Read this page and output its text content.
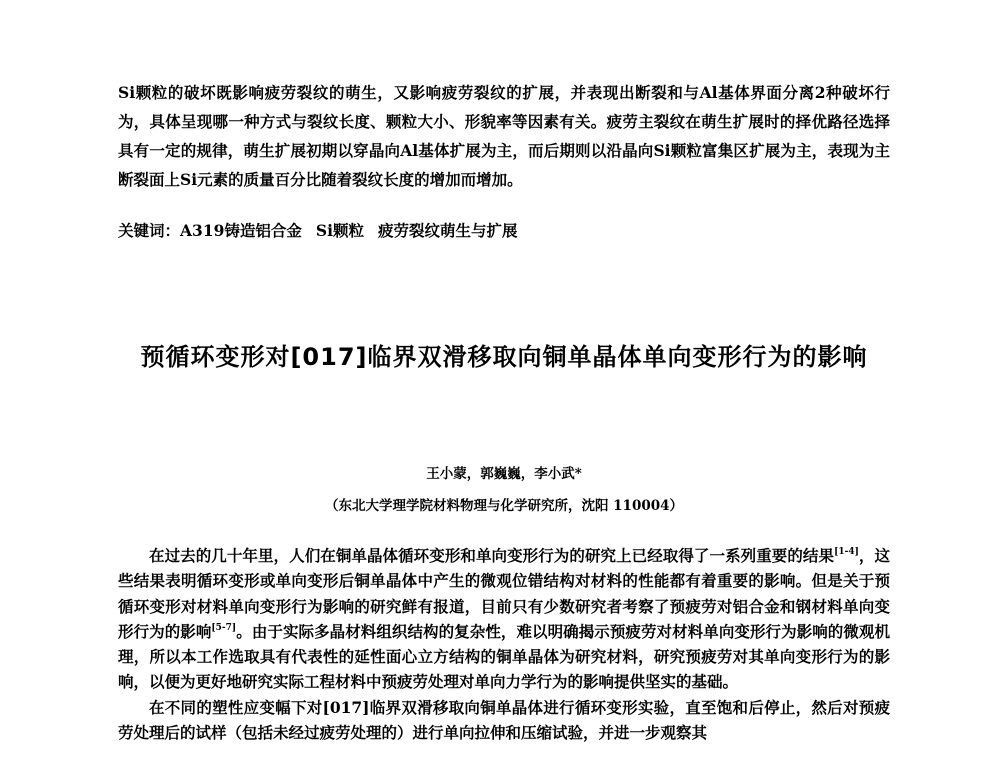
Si颗粒的破坏既影响疲劳裂纹的萌生，又影响疲劳裂纹的扩展，并表现出断裂和与Al基体界面分离2种破坏行为，具体呈现哪一种方式与裂纹长度、颗粒大小、形貌率等因素有关。疲劳主裂纹在萌生扩展时的择优路径选择具有一定的规律，萌生扩展初期以穿晶向Al基体扩展为主，而后期则以沿晶向Si颗粒富集区扩展为主，表现为主断裂面上Si元素的质量百分比随着裂纹长度的增加而增加。

关键词：A319铸造铝合金 Si颗粒 疲劳裂纹萌生与扩展

预循环变形对[017]临界双滑移取向铜单晶体单向变形行为的影响

王小蒙，郭巍巍，李小武*

（东北大学理学院材料物理与化学研究所，沈阳 110004）

在过去的几十年里，人们在铜单晶体循环变形和单向变形行为的研究上已经取得了一系列重要的结果[1-4]，这些结果表明循环变形或单向变形后铜单晶体中产生的微观位错结构对材料的性能都有着重要的影响。但是关于预循环变形对材料单向变形行为影响的研究鲜有报道，目前只有少数研究者考察了预疲劳对铝合金和钢材料单向变形行为的影响[5-7]。由于实际多晶材料组织结构的复杂性，难以明确揭示预疲劳对材料单向变形行为影响的微观机理，所以本工作选取具有代表性的延性面心立方结构的铜单晶体为研究材料，研究预疲劳对其单向变形行为的影响，以便为更好地研究实际工程材料中预疲劳处理对单向力学行为的影响提供坚实的基础。

在不同的塑性应变幅下对[017]临界双滑移取向铜单晶体进行循环变形实验，直至饱和后停止，然后对预疲劳处理后的试样（包括未经过疲劳处理的）进行单向拉伸和压缩试验，并进一步观察其
